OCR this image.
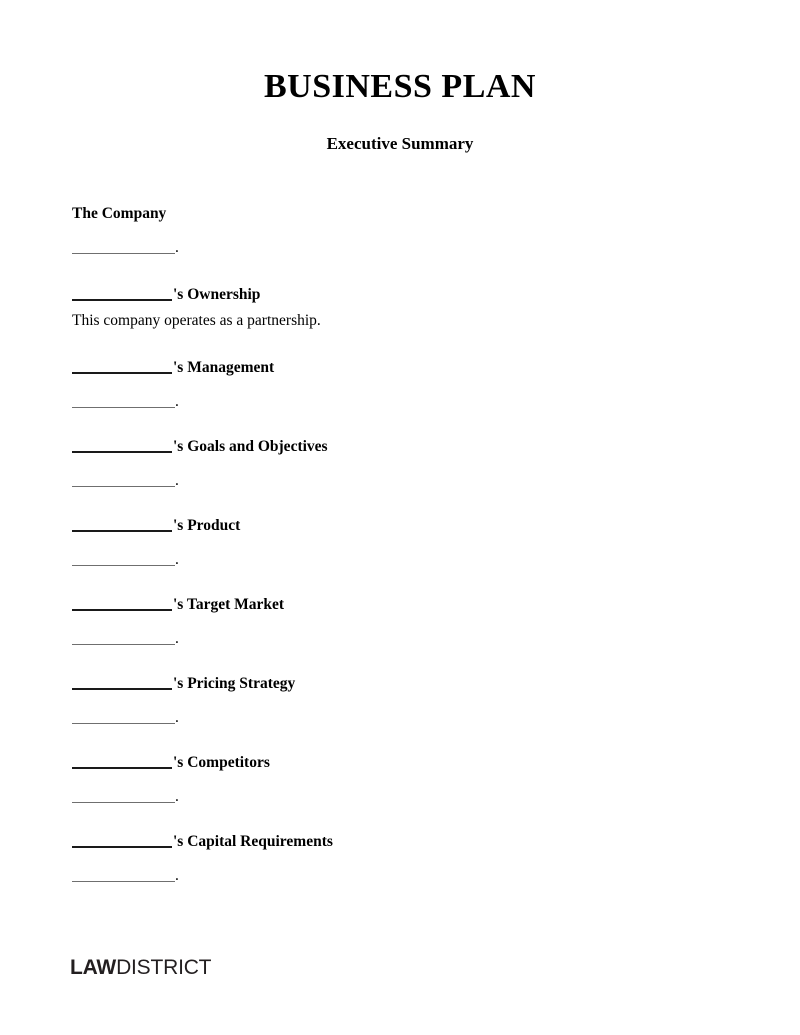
BUSINESS PLAN
Executive Summary

The Company

.

's Ownership

This company operates as a partnership.

's Management

.

's Goals and Objectives

.

's Product

.

's Target Market

.

's Pricing Strategy

.

's Competitors

.

's Capital Requirements

.

LAWDISTRICT
